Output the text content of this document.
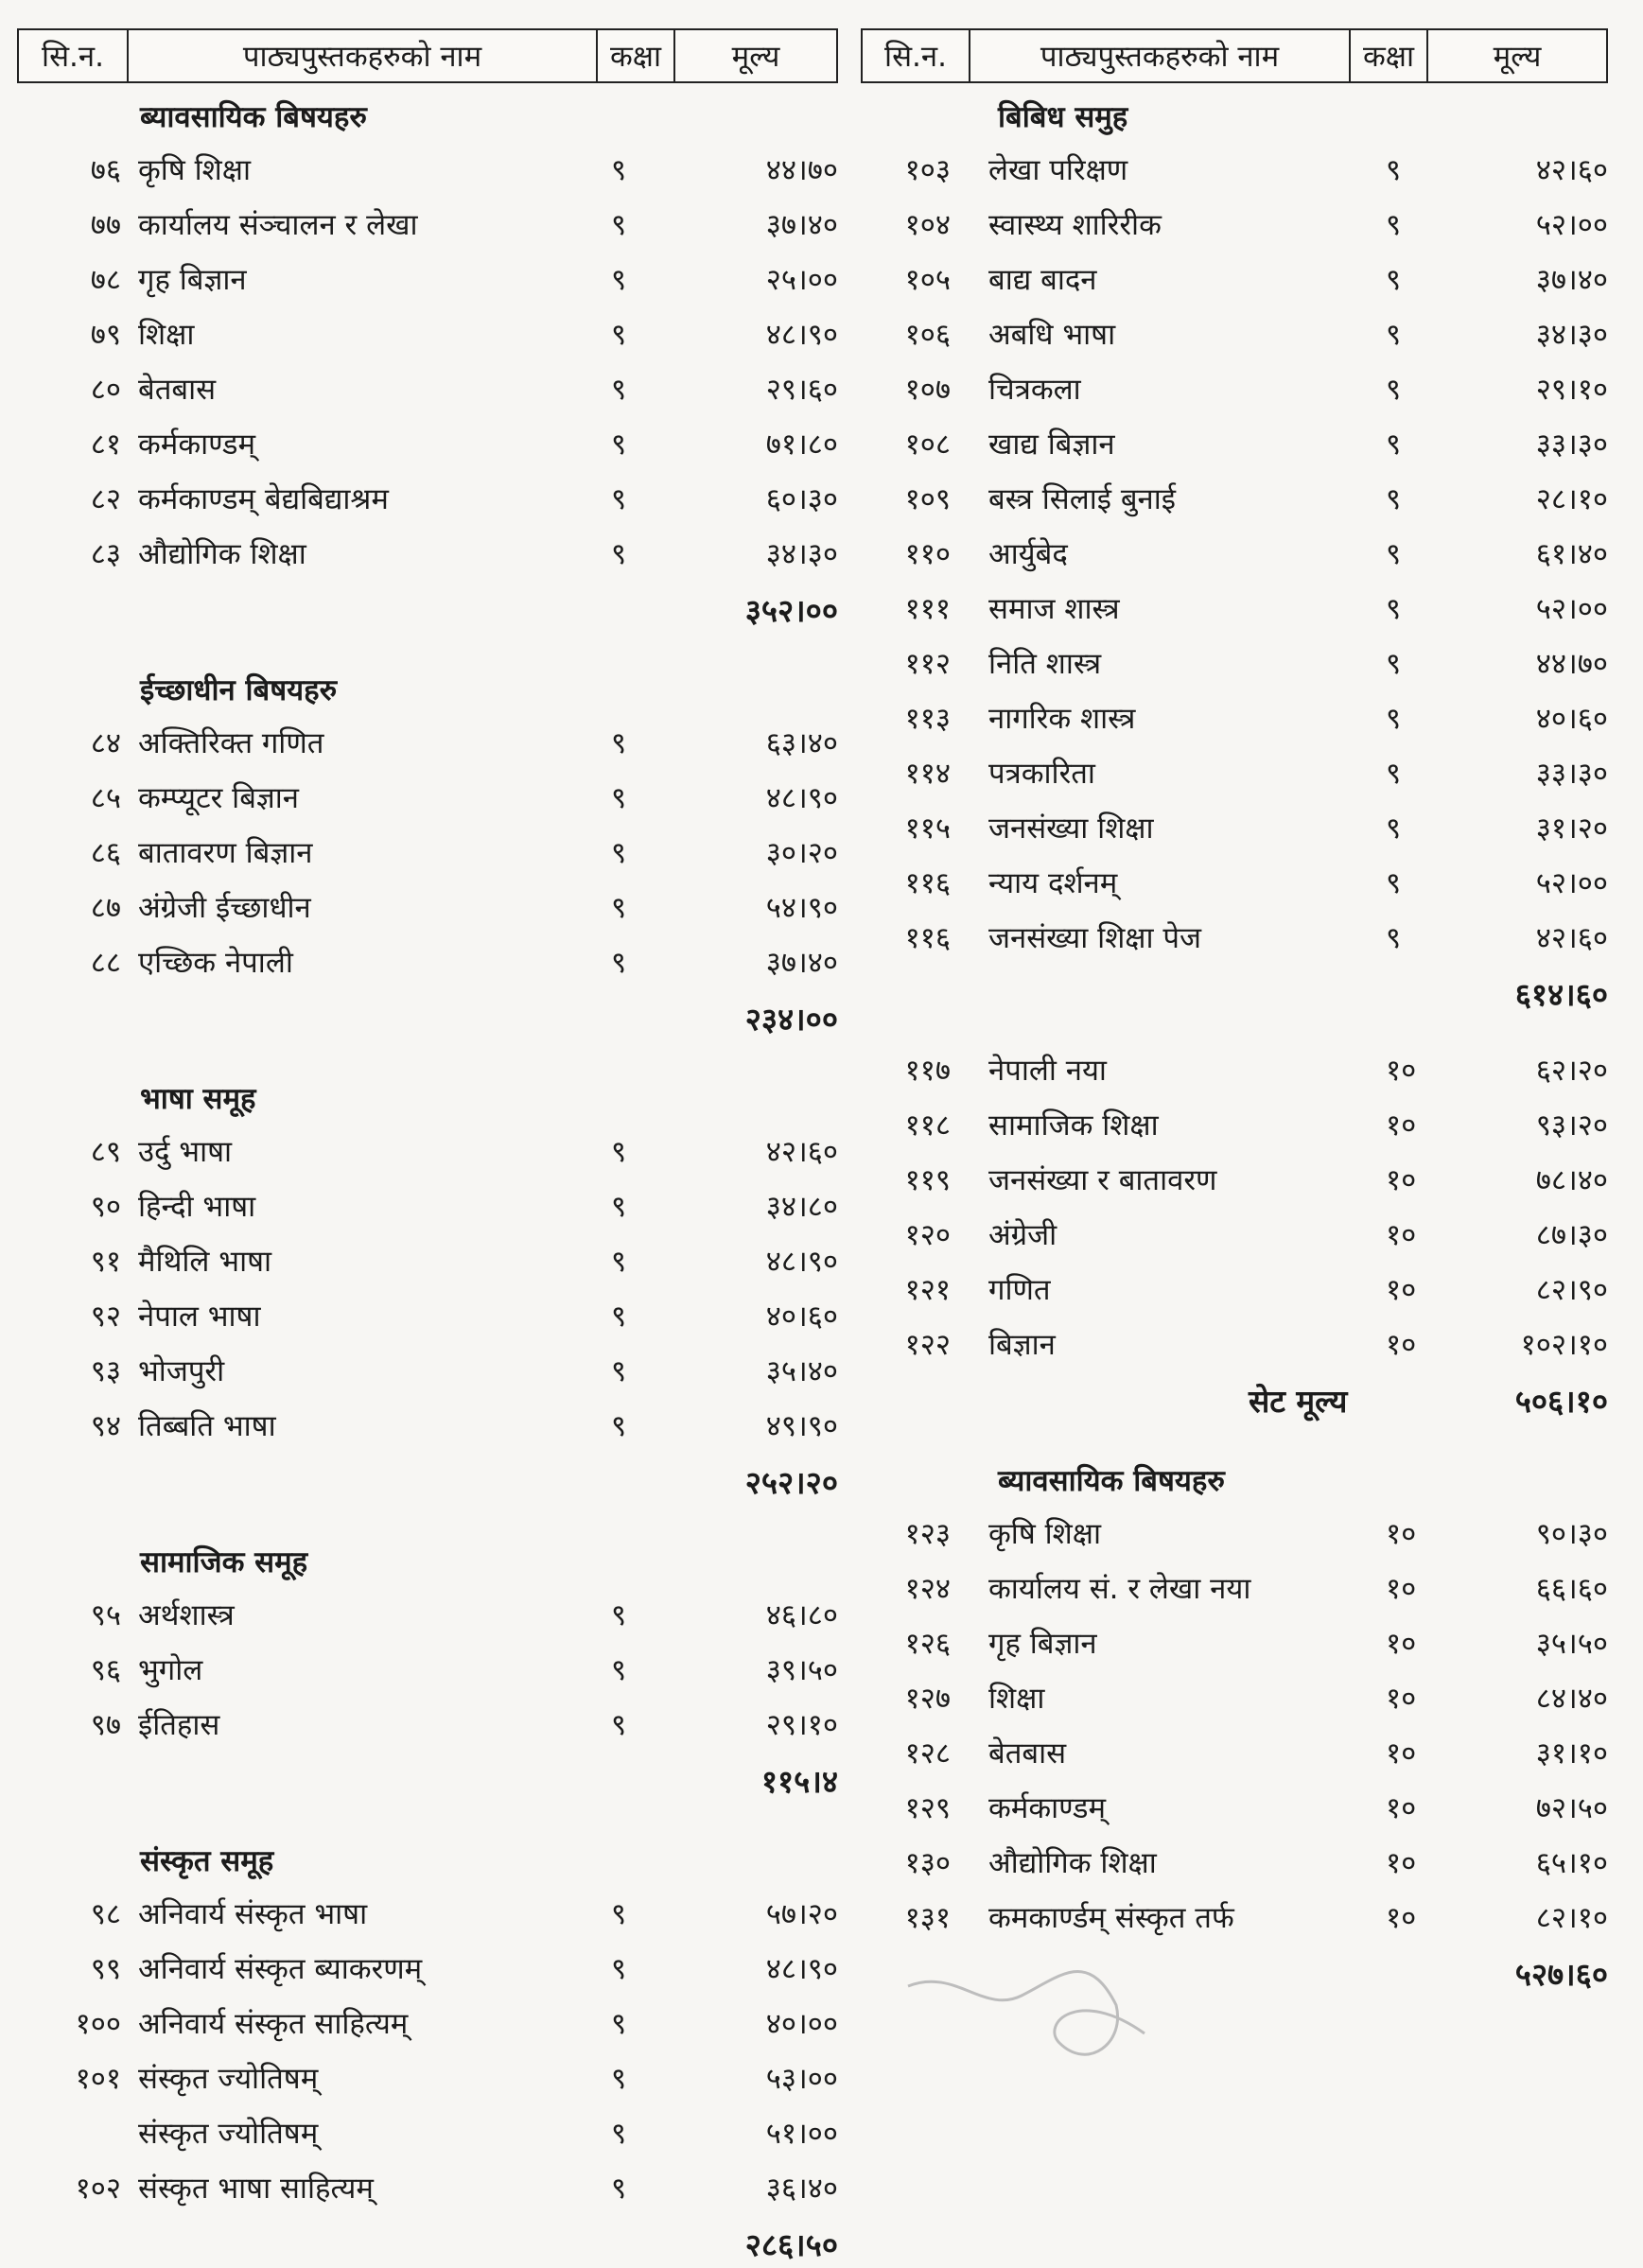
सि.न.	पाठ्यपुस्तकहरुको नाम	कक्षा	मूल्य
ब्यावसायिक बिषयहरु
७६ कृषि शिक्षा	९	४४।७०
७७ कार्यालय संञ्चालन र लेखा	९	३७।४०
७८ गृह बिज्ञान	९	२५।००
७९ शिक्षा	९	४८।९०
८० बेतबास	९	२९।६०
८१ कर्मकाण्डम्	९	७१।८०
८२ कर्मकाण्डम् बेद्यबिद्याश्रम	९	६०।३०
८३ औद्योगिक शिक्षा	९	३४।३०
३५२।००
ईच्छाधीन बिषयहरु
८४ अक्तिरिक्त गणित	९	६३।४०
८५ कम्प्यूटर बिज्ञान	९	४८।९०
८६ बातावरण बिज्ञान	९	३०।२०
८७ अंग्रेजी ईच्छाधीन	९	५४।९०
८८ एच्छिक नेपाली	९	३७।४०
२३४।००
भाषा समूह
८९ उर्दु भाषा	९	४२।६०
९० हिन्दी भाषा	९	३४।८०
९१ मैथिलि भाषा	९	४८।९०
९२ नेपाल भाषा	९	४०।६०
९३ भोजपुरी	९	३५।४०
९४ तिब्बति भाषा	९	४९।९०
२५२।२०
सामाजिक समूह
९५ अर्थशास्त्र	९	४६।८०
९६ भुगोल	९	३९।५०
९७ ईतिहास	९	२९।१०
११५।४
संस्कृत समूह
९८ अनिवार्य संस्कृत भाषा	९	५७।२०
९९ अनिवार्य संस्कृत ब्याकरणम्	९	४८।९०
१०० अनिवार्य संस्कृत साहित्यम्	९	४०।००
१०१ संस्कृत ज्योतिषम्	९	५३।००
संस्कृत ज्योतिषम्	९	५१।००
१०२ संस्कृत भाषा साहित्यम्	९	३६।४०
२८६।५०
सि.न.	पाठ्यपुस्तकहरुको नाम	कक्षा	मूल्य
बिबिध समुह
१०३ लेखा परिक्षण	९	४२।६०
१०४ स्वास्थ्य शारिरीक	९	५२।००
१०५ बाद्य बादन	९	३७।४०
१०६ अबधि भाषा	९	३४।३०
१०७ चित्रकला	९	२९।१०
१०८ खाद्य बिज्ञान	९	३३।३०
१०९ बस्त्र सिलाई बुनाई	९	२८।१०
११० आर्युबेद	९	६१।४०
१११ समाज शास्त्र	९	५२।००
११२ निति शास्त्र	९	४४।७०
११३ नागरिक शास्त्र	९	४०।६०
११४ पत्रकारिता	९	३३।३०
११५ जनसंख्या शिक्षा	९	३१।२०
११६ न्याय दर्शनम्	९	५२।००
११६ जनसंख्या शिक्षा पेज	९	४२।६०
६१४।६०
११७ नेपाली नया	१०	६२।२०
११८ सामाजिक शिक्षा	१०	९३।२०
११९ जनसंख्या र बातावरण	१०	७८।४०
१२० अंग्रेजी	१०	८७।३०
१२१ गणित	१०	८२।९०
१२२ बिज्ञान	१०	१०२।१०
सेट मूल्य	५०६।१०
ब्यावसायिक बिषयहरु
१२३ कृषि शिक्षा	१०	९०।३०
१२४ कार्यालय सं. र लेखा नया	१०	६६।६०
१२६ गृह बिज्ञान	१०	३५।५०
१२७ शिक्षा	१०	८४।४०
१२८ बेतबास	१०	३१।१०
१२९ कर्मकाण्डम्	१०	७२।५०
१३० औद्योगिक शिक्षा	१०	६५।१०
१३१ कमकार्ण्डम् संस्कृत तर्फ	१०	८२।१०
५२७।६०
